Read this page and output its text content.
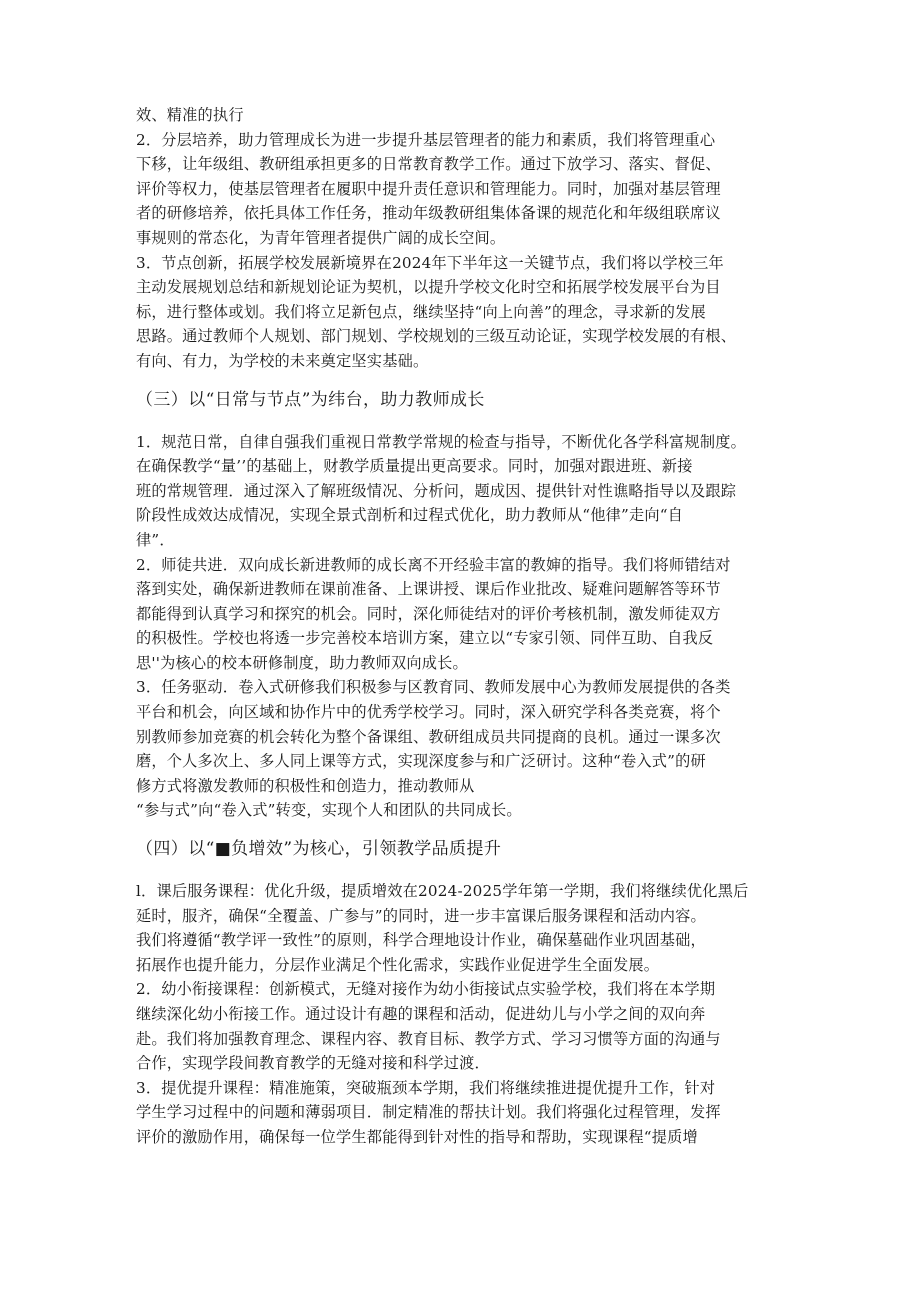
效、精准的执行
2．分层培养，助力管理成长为进一步提升基层管理者的能力和素质，我们将管理重心
下移，让年级组、教研组承担更多的日常教育教学工作。通过下放学习、落实、督促、
评价等权力，使基层管理者在履职中提升责任意识和管理能力。同时，加强对基层管理
者的研修培养，依托具体工作任务，推动年级教研组集体备课的规范化和年级组联席议
事规则的常态化，为青年管理者提供广阔的成长空间。
3．节点创新，拓展学校发展新境界在2024年下半年这一关键节点，我们将以学校三年
主动发展规划总结和新规划论证为契机，以提升学校文化时空和拓展学校发展平台为目
标，进行整体或划。我们将立足新包点，继续坚持“向上向善”的理念，寻求新的发展
思路。通过教师个人规划、部门规划、学校规划的三级互动论证，实现学校发展的有根、
有向、有力，为学校的未来奠定坚实基础。
（三）以“日常与节点”为纬台，助力教师成长
1．规范日常，自律自强我们重视日常教学常规的检查与指导，不断优化各学科富规制度。
在确保教学“量’’的基础上，财教学质量提出更高要求。同时，加强对跟进班、新接
班的常规管理．通过深入了解班级情况、分析问，题成因、提供针对性谯略指导以及跟踪
阶段性成效达成情况，实现全景式剖析和过程式优化，助力教师从“他律”走向“自
律”．
2．师徒共进．双向成长新进教师的成长离不开经验丰富的教婶的指导。我们将师错结对
落到实处，确保新进教师在课前准备、上课讲授、课后作业批改、疑难问题解答等环节
都能得到认真学习和探究的机会。同时，深化师徒结对的评价考核机制，激发师徒双方
的积极性。学校也将透一步完善校本培训方案，建立以“专家引领、同伴互助、自我反
思''为核心的校本研修制度，助力教师双向成长。
3．任务驱动．卷入式研修我们积极参与区教育同、教师发展中心为教师发展提供的各类
平台和机会，向区域和协作片中的优秀学校学习。同时，深入研究学科各类竞赛，将个
别教师参加竞赛的机会转化为整个备课组、教研组成员共同提商的良机。通过一课多次
磨，个人多次上、多人同上课等方式，实现深度参与和广泛研讨。这种“卷入式”的研
修方式将激发教师的积极性和创造力，推动教师从
“参与式”向“卷入式”转变，实现个人和团队的共同成长。
（四）以“■负增效”为核心，引领教学品质提升
l．课后服务课程：优化升级，提质增效在2024-2025学年第一学期，我们将继续优化黑后
延时，服齐，确保“全覆盖、广参与”的同时，进一步丰富课后服务课程和活动内容。
我们将遵循“教学评一致性”的原则，科学合理地设计作业，确保墓础作业巩固基础，
拓展作也提升能力，分层作业满足个性化需求，实践作业促进学生全面发展。
2．幼小衔接课程：创新模式，无缝对接作为幼小街接试点实验学校，我们将在本学期
继续深化幼小衔接工作。通过设计有趣的课程和活动，促进幼儿与小学之间的双向奔
赴。我们将加强教育理念、课程内容、教育目标、教学方式、学习习惯等方面的沟通与
合作，实现学段间教育教学的无缝对接和科学过渡．
3．提优提升课程：精准施策，突破瓶颈本学期，我们将继续推进提优提升工作，针对
学生学习过程中的问题和薄弱项目．制定精准的帮扶计划。我们将强化过程管理，发挥
评价的激励作用，确保每一位学生都能得到针对性的指导和帮助，实现课程“提质增
